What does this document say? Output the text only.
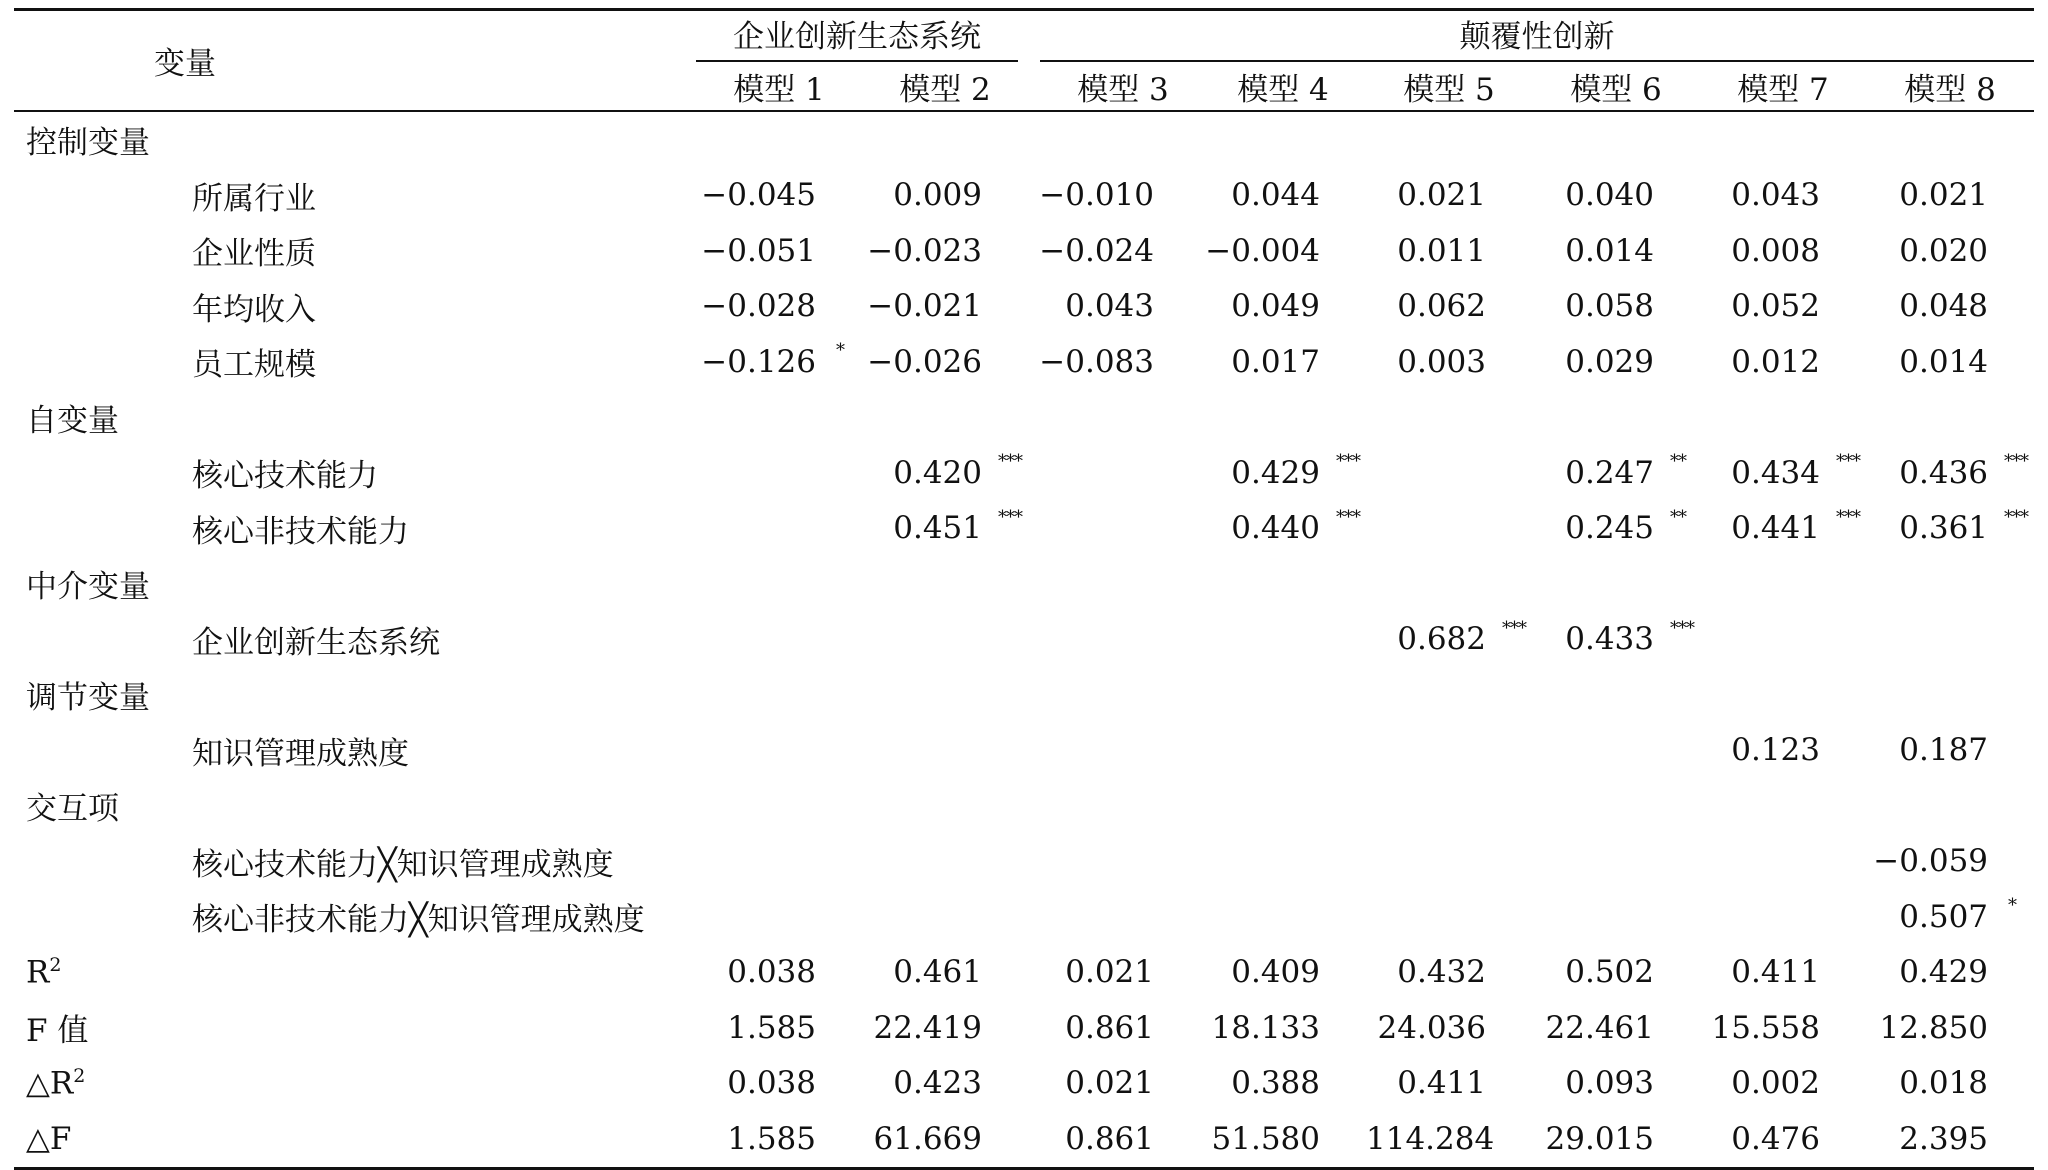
变量	企业创新生态系统		颠覆性创新					

	模型 1	模型 2	模型 3	模型 4	模型 5	模型 6	模型 7	模型 8
控制变量								
所属行业	−0.045	0.009	−0.010	0.044	0.021	0.040	0.043	0.021
企业性质	−0.051	−0.023	−0.024	−0.004	0.011	0.014	0.008	0.020
年均收入	−0.028	−0.021	0.043	0.049	0.062	0.058	0.052	0.048
员工规模	−0.126 *	−0.026	−0.083	0.017	0.003	0.029	0.012	0.014
自变量								
核心技术能力		0.420 ***		0.429 ***		0.247 **	0.434 ***	0.436 ***

核心非技术能力		0.451 ***		0.440 ***		0.245 **	0.441 ***	0.361 ***

中介变量								
企业创新生态系统					0.682 ***	0.433 ***		

调节变量								
知识管理成熟度							0.123	0.187
交互项								
核心技术能力╳知识管理成熟度								−0.059
核心非技术能力╳知识管理成熟度								0.507 *

$R^2$	0.038	0.461	0.021	0.409	0.432	0.502	0.411	0.429
F 值	1.585	22.419	0.861	18.133	24.036	22.461	15.558	12.850
$\triangle R^2$	0.038	0.423	0.021	0.388	0.411	0.093	0.002	0.018
△F	1.585	61.669	0.861	51.580	114.284	29.015	0.476	2.395
